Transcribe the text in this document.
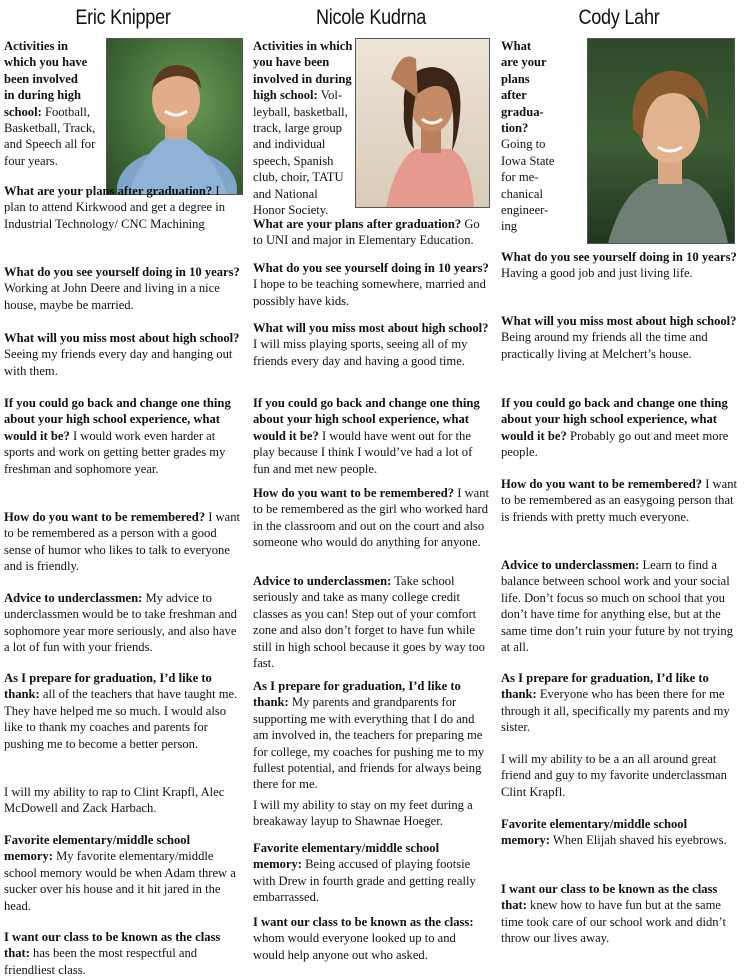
Eric Knipper
Activities in
which you have
been involved
in during high
school: Football,
Basketball, Track,
and Speech all for
four years.
What are your plans after graduation? I plan to attend Kirkwood and get a degree in Industrial Technology/ CNC Machining
What do you see yourself doing in 10 years? Working at John Deere and living in a nice house, maybe be married.
What will you miss most about high school? Seeing my friends every day and hanging out with them.
If you could go back and change one thing about your high school experience, what would it be? I would work even harder at sports and work on getting better grades my freshman and sophomore year.
How do you want to be remembered? I want to be remembered as a person with a good sense of humor who likes to talk to everyone and is friendly.
Advice to underclassmen: My advice to underclassmen would be to take freshman and sophomore year more seriously, and also have a lot of fun with your friends.
As I prepare for graduation, I’d like to thank: all of the teachers that have taught me. They have helped me so much. I would also like to thank my coaches and parents for pushing me to become a better person.
I will my ability to rap to Clint Krapfl, Alec McDowell and Zack Harbach.
Favorite elementary/middle school memory: My favorite elementary/middle school memory would be when Adam threw a sucker over his house and it hit jared in the head.
I want our class to be known as the class that: has been the most respectful and friendliest class.
Nicole Kudrna
Activities in which
you have been
involved in during
high school: Vol-
leyball, basketball,
track, large group
and individual
speech, Spanish
club, choir, TATU
and National
Honor Society.
What are your plans after graduation? Go to UNI and major in Elementary Education.
What do you see yourself doing in 10 years? I hope to be teaching somewhere, married and possibly have kids.
What will you miss most about high school? I will miss playing sports, seeing all of my friends every day and having a good time.
If you could go back and change one thing about your high school experience, what would it be? I would have went out for the play because I think I would’ve had a lot of fun and met new people.
How do you want to be remembered? I want to be remembered as the girl who worked hard in the classroom and out on the court and also someone who would do anything for anyone.
Advice to underclassmen: Take school seriously and take as many college credit classes as you can! Step out of your comfort zone and also don’t forget to have fun while still in high school because it goes by way too fast.
As I prepare for graduation, I’d like to thank: My parents and grandparents for supporting me with everything that I do and am involved in, the teachers for preparing me for college, my coaches for pushing me to my fullest potential, and friends for always being there for me.
I will my ability to stay on my feet during a breakaway layup to Shawnae Hoeger.
Favorite elementary/middle school memory: Being accused of playing footsie with Drew in fourth grade and getting really embarrassed.
I want our class to be known as the class: whom would everyone looked up to and would help anyone out who asked.
Cody Lahr
What
are your
plans
after
gradua-
tion?
Going to
Iowa State
for me-
chanical
engineer-
ing
What do you see yourself doing in 10 years? Having a good job and just living life.
What will you miss most about high school? Being around my friends all the time and practically living at Melchert’s house.
If you could go back and change one thing about your high school experience, what would it be? Probably go out and meet more people.
How do you want to be remembered? I want to be remembered as an easygoing person that is friends with pretty much everyone.
Advice to underclassmen: Learn to find a balance between school work and your social life. Don’t focus so much on school that you don’t have time for anything else, but at the same time don’t ruin your future by not trying at all.
As I prepare for graduation, I’d like to thank: Everyone who has been there for me through it all, specifically my parents and my sister.
I will my ability to be a an all around great friend and guy to my favorite underclassman Clint Krapfl.
Favorite elementary/middle school memory: When Elijah shaved his eyebrows.
I want our class to be known as the class that: knew how to have fun but at the same time took care of our school work and didn’t throw our lives away.
